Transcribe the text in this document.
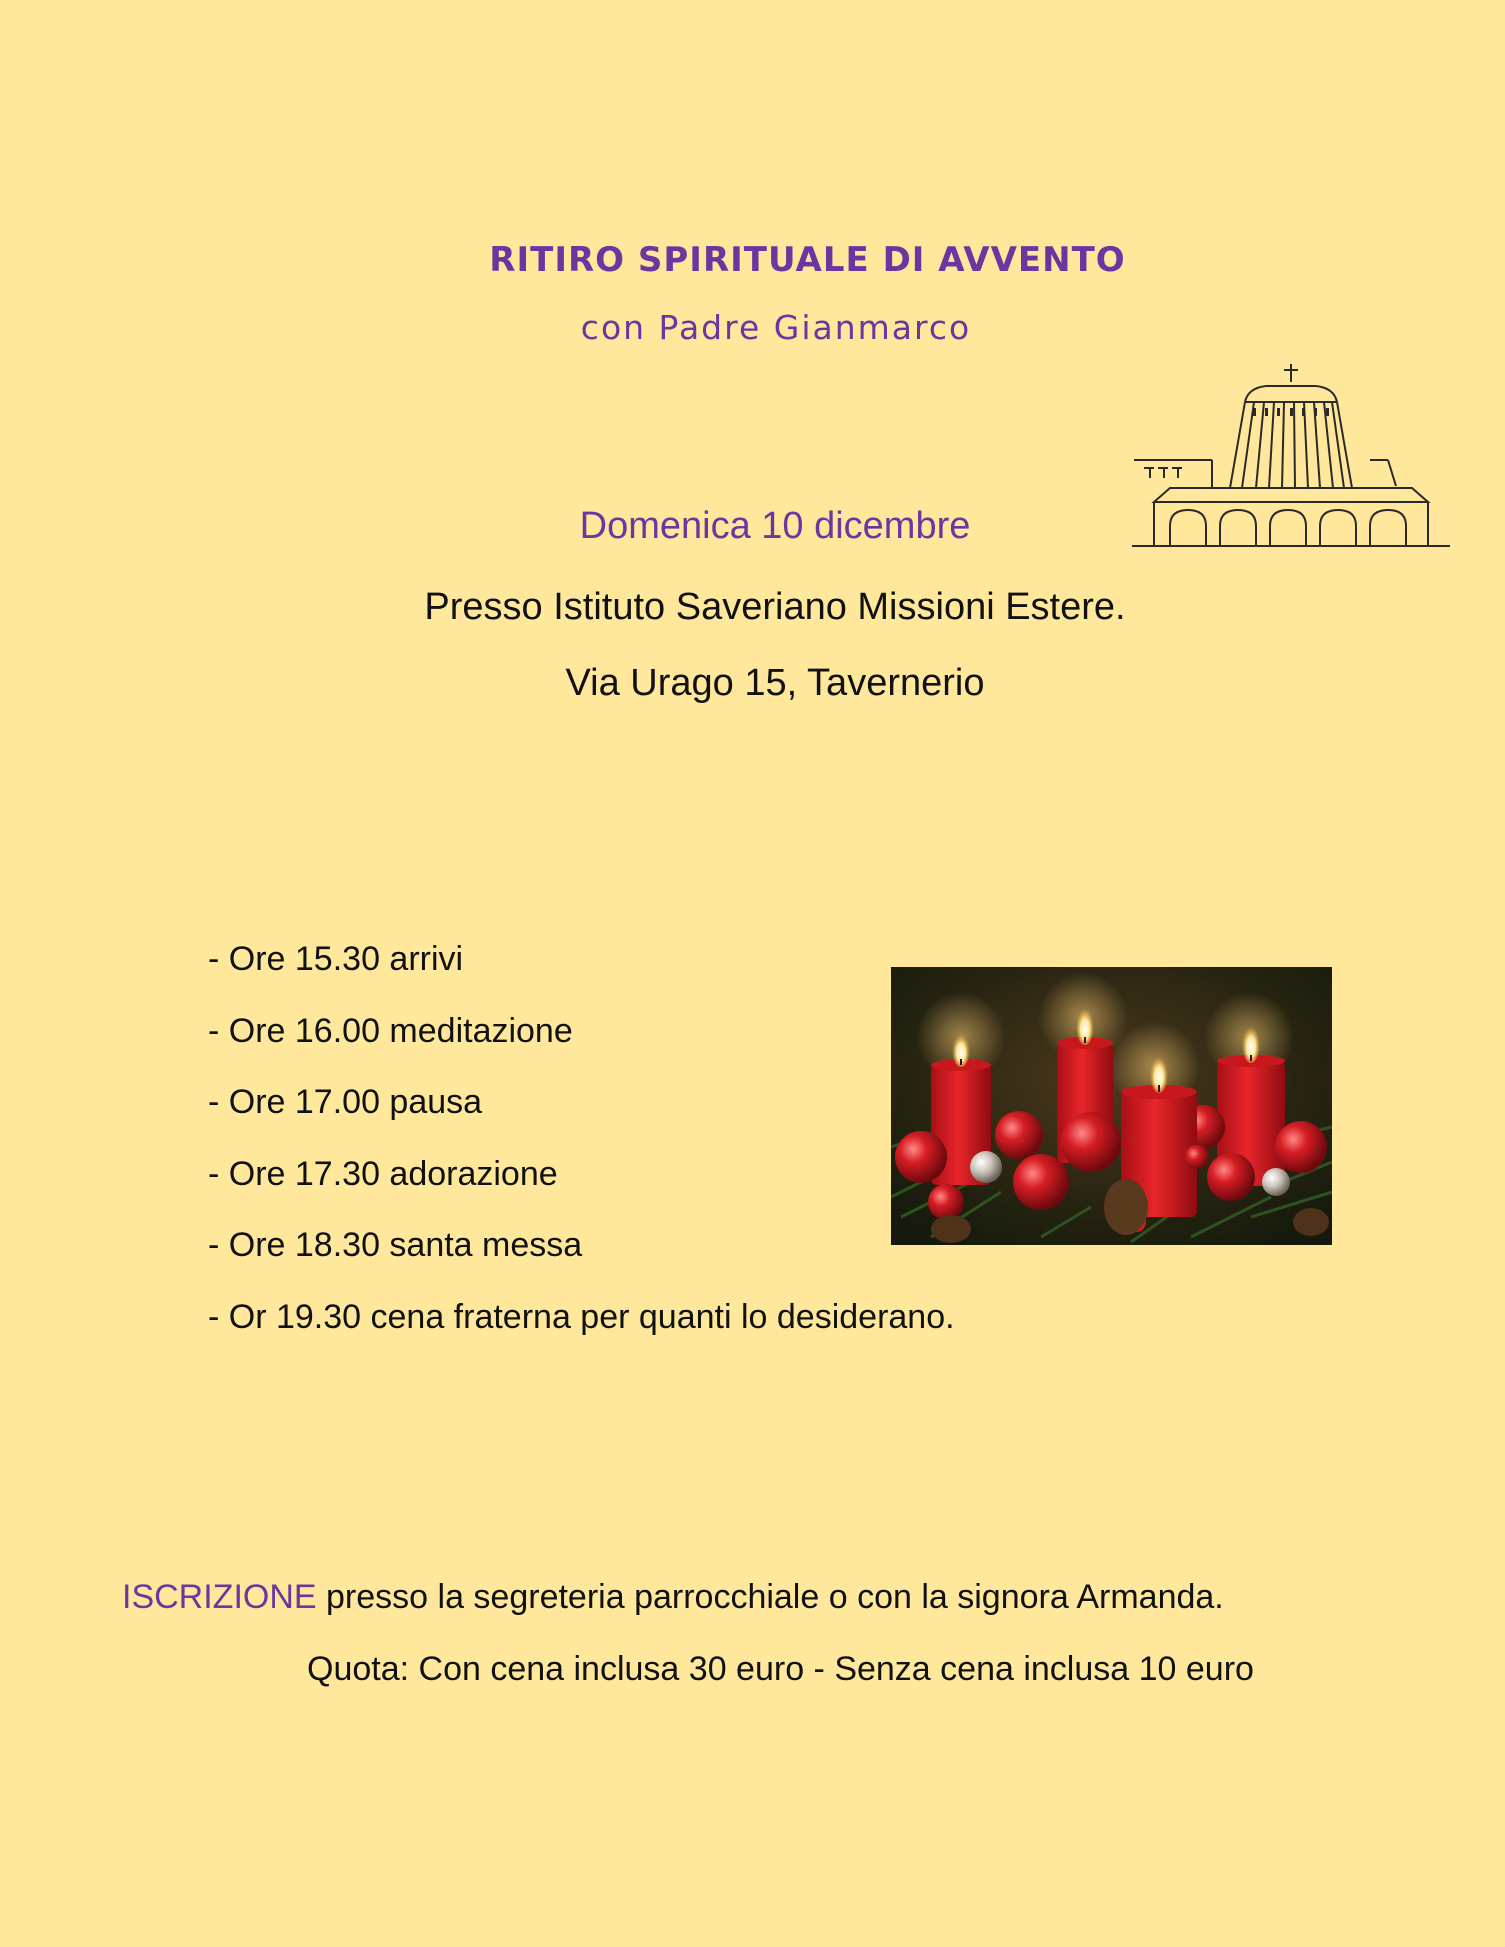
RITIRO SPIRITUALE DI AVVENTO
con Padre Gianmarco
Domenica 10 dicembre
Presso Istituto Saveriano Missioni Estere.
Via Urago 15, Tavernerio
- Ore 15.30 arrivi
- Ore 16.00 meditazione
- Ore 17.00 pausa
- Ore 17.30 adorazione
- Ore 18.30 santa messa
- Or 19.30 cena fraterna per quanti lo desiderano.
ISCRIZIONE presso la segreteria parrocchiale o con la signora Armanda.
Quota: Con cena inclusa 30 euro - Senza cena inclusa 10 euro
